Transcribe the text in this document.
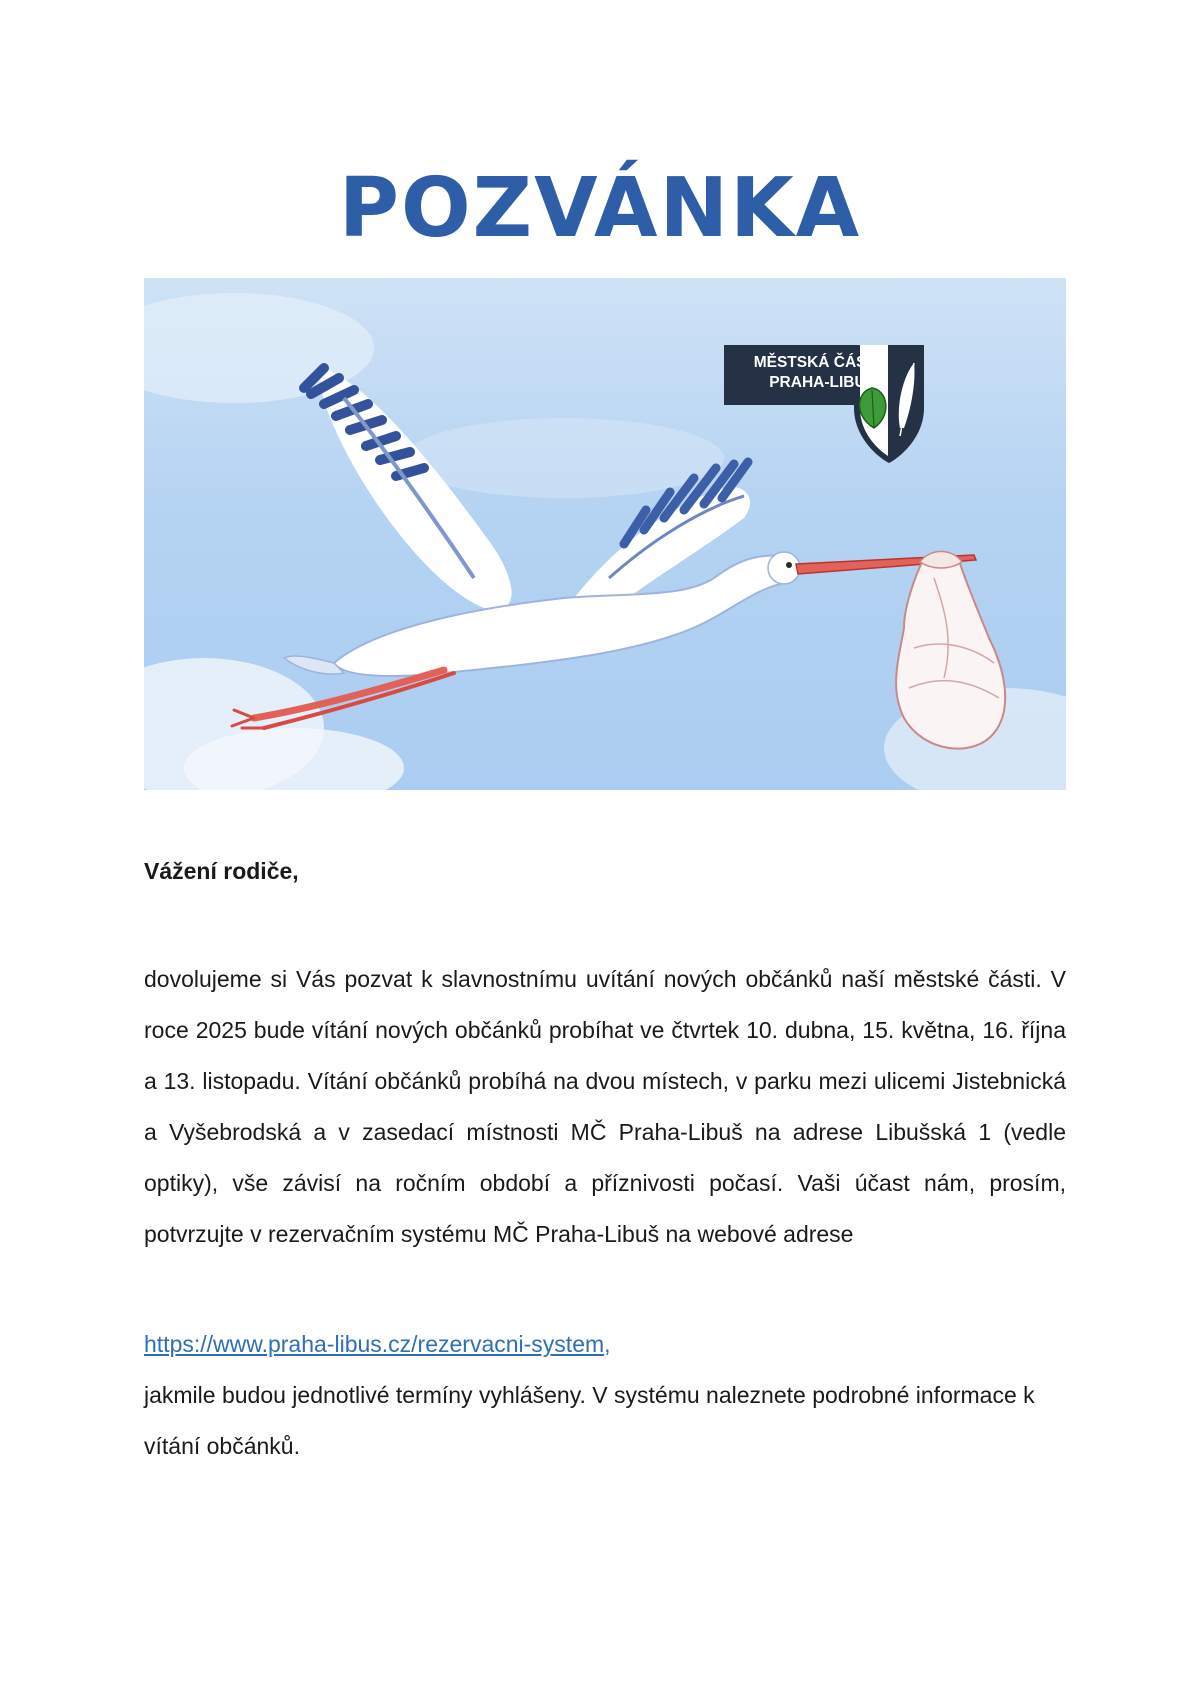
POZVÁNKA
MĚSTSKÁ ČÁST
PRAHA-LIBUŠ

Vážení rodiče,

dovolujeme si Vás pozvat k slavnostnímu uvítání nových občánků naší městské části. V roce 2025 bude vítání nových občánků probíhat ve čtvrtek 10. dubna, 15. května, 16. října a 13. listopadu. Vítání občánků probíhá na dvou místech, v parku mezi ulicemi Jistebnická a Vyšebrodská a v zasedací místnosti MČ Praha-Libuš na adrese Libušská 1 (vedle optiky), vše závisí na ročním období a příznivosti počasí. Vaši účast nám, prosím, potvrzujte v rezervačním systému MČ Praha-Libuš na webové adrese

https://www.praha-libus.cz/rezervacni-system,

jakmile budou jednotlivé termíny vyhlášeny. V systému naleznete podrobné informace k vítání občánků.
